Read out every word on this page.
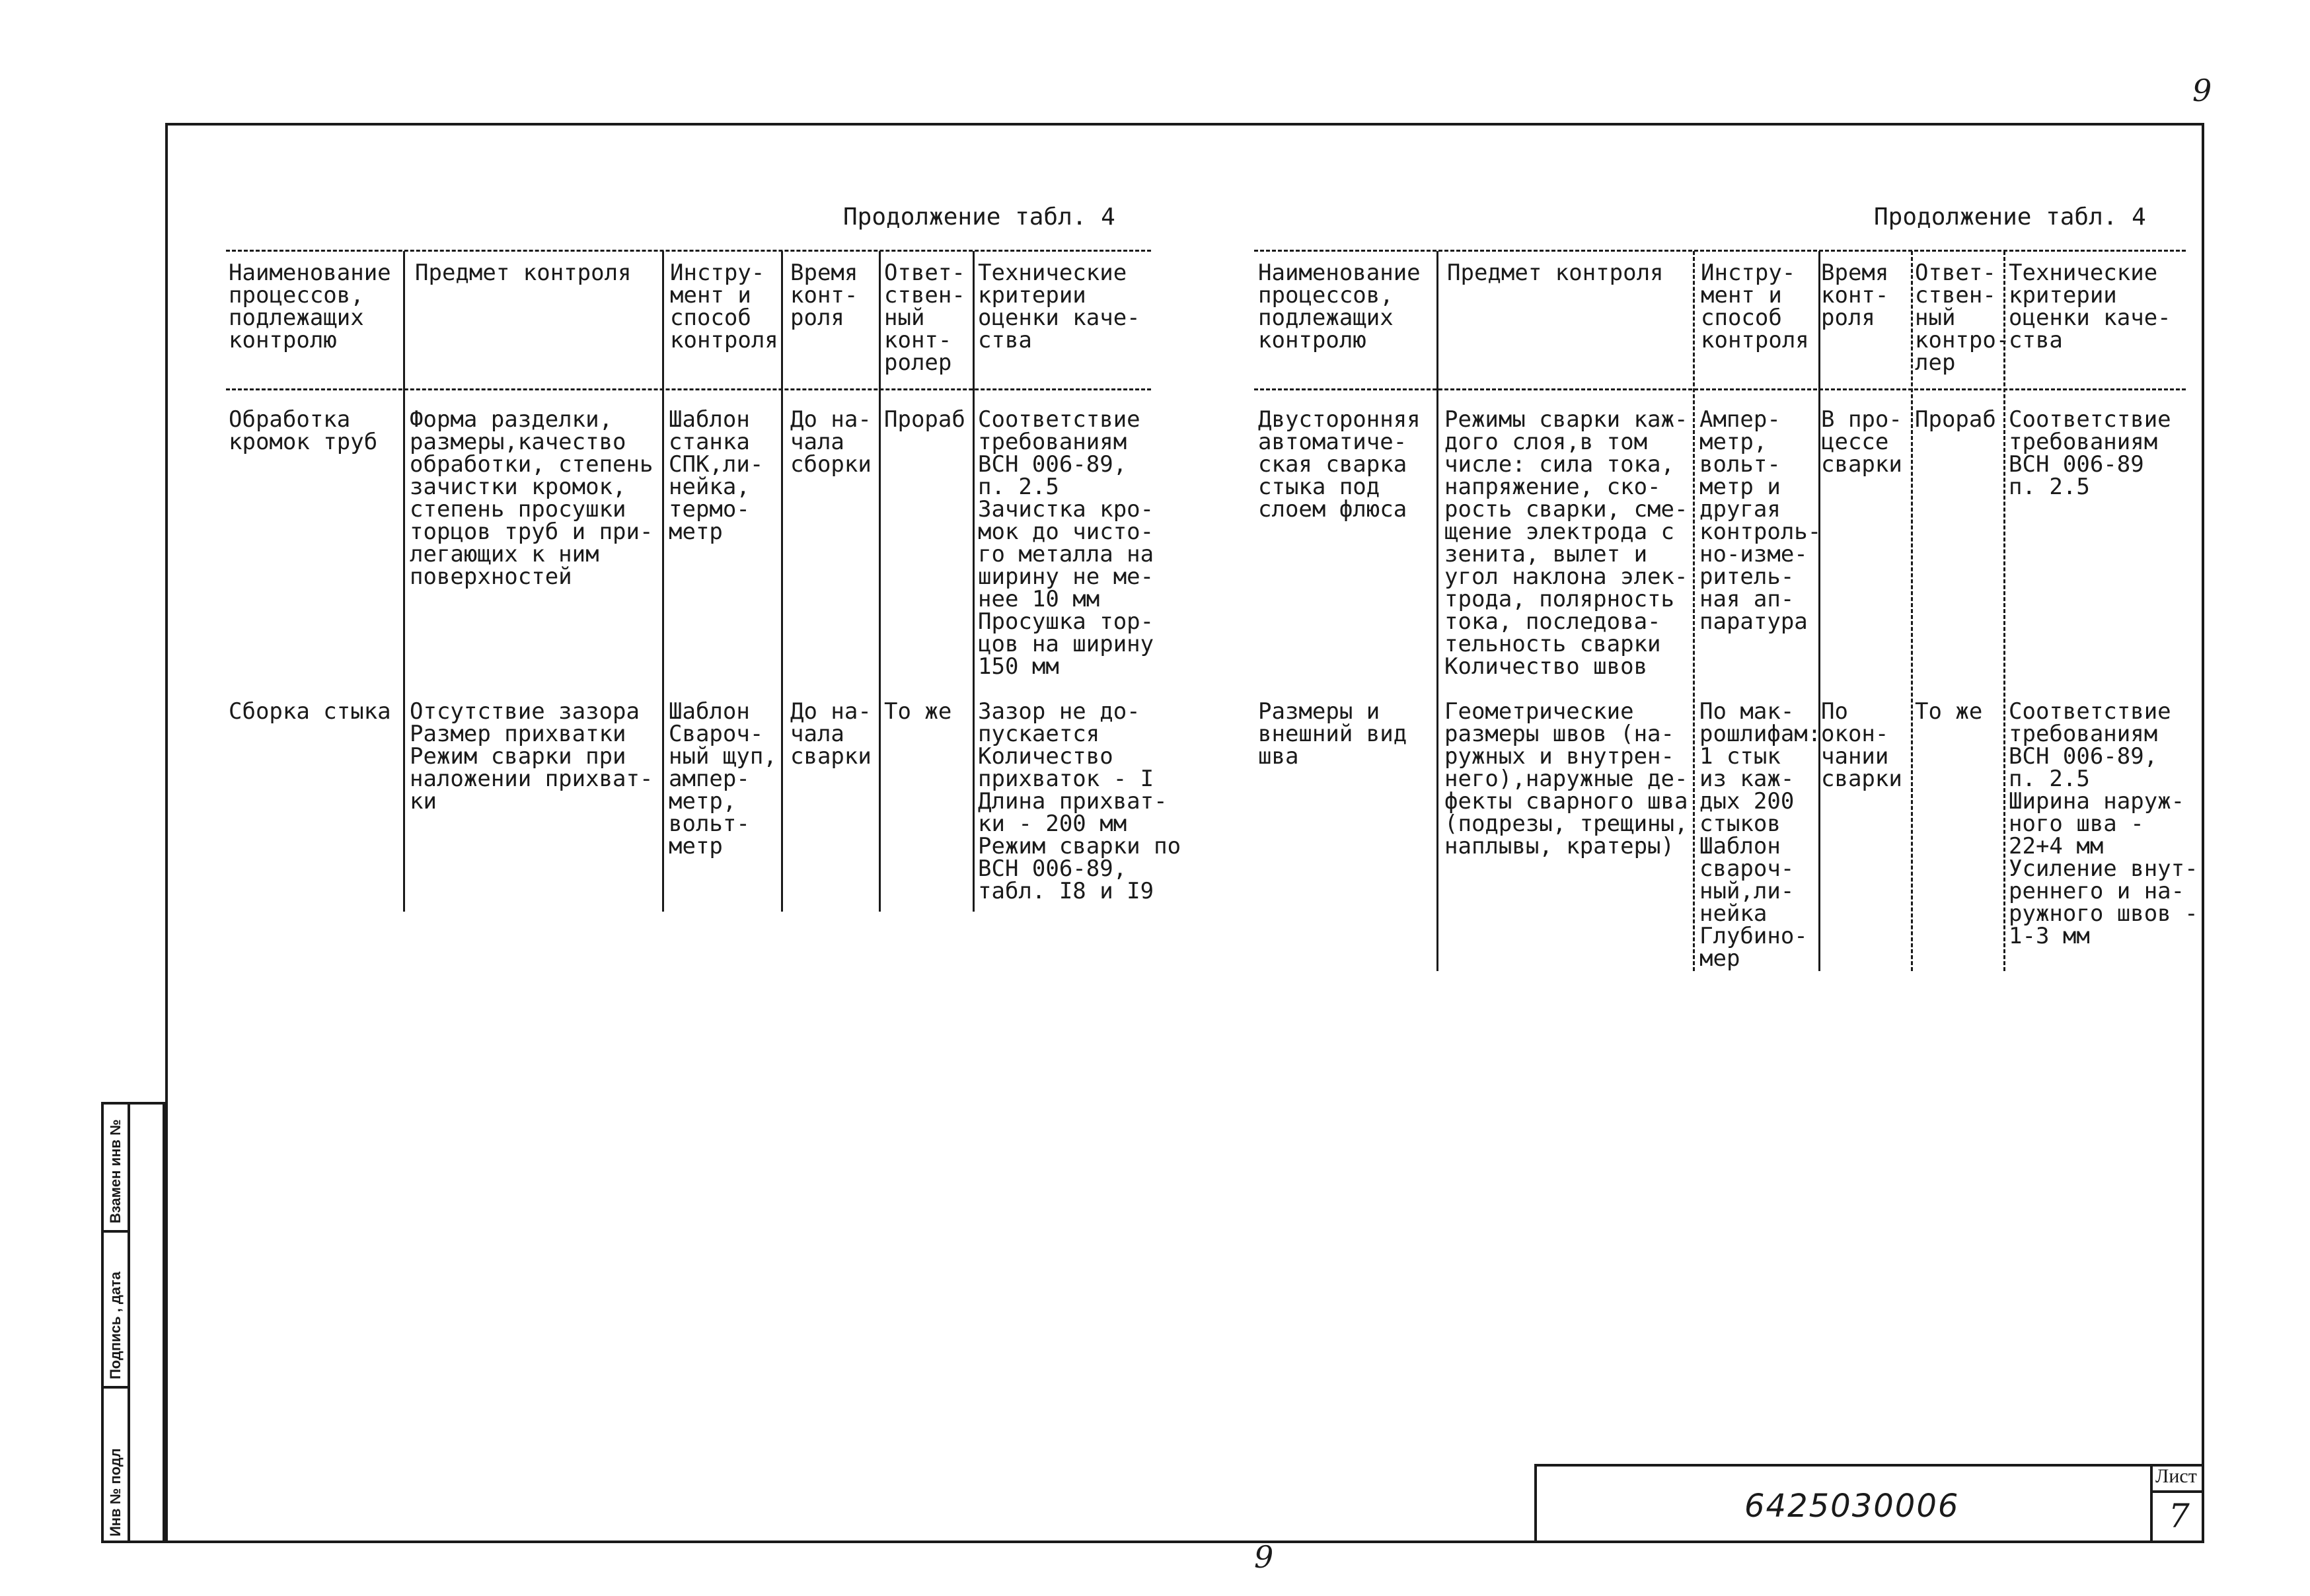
9
9
Продолжение табл. 4
Наименование
процессов,
подлежащих
контролю
Предмет контроля Инстру-
мент и
способ
контроля
Время
конт-
роля
Ответ-
ствен-
ный
конт-
ролер
Технические
критерии
оценки каче-
ства
Обработка
кромок труб
Форма разделки,
размеры,качество
обработки, степень
зачистки кромок,
степень просушки
торцов труб и при-
легающих к ним
поверхностей
Шаблон
станка
СПК,ли-
нейка,
термо-
метр
До на-
чала
сборки
Прораб Соответствие
требованиям
ВСН 006-89,
п. 2.5
Зачистка кро-
мок до чисто-
го металла на
ширину не ме-
нее 10 мм
Просушка тор-
цов на ширину
150 мм
Сборка стыка Отсутствие зазора
Размер прихватки
Режим сварки при
наложении прихват-
ки
Шаблон
Свароч-
ный щуп,
ампер-
метр,
вольт-
метр
До на-
чала
сварки
То же Зазор не до-
пускается
Количество
прихваток - I
Длина прихват-
ки - 200 мм
Режим сварки по
ВСН 006-89,
табл. I8 и I9
Продолжение табл. 4
Наименование
процессов,
подлежащих
контролю
Предмет контроля Инстру-
мент и
способ
контроля
Время
конт-
роля
Ответ-
ствен-
ный
контро-
лер
Технические
критерии
оценки каче-
ства
Двусторонняя
автоматиче-
ская сварка
стыка под
слоем флюса
Режимы сварки каж-
дого слоя,в том
числе: сила тока,
напряжение, ско-
рость сварки, сме-
щение электрода с
зенита, вылет и
угол наклона элек-
трода, полярность
тока, последова-
тельность сварки
Количество швов
Ампер-
метр,
вольт-
метр и
другая
контроль-
но-изме-
ритель-
ная ап-
паратура
В про-
цессе
сварки
Прораб Соответствие
требованиям
ВСН 006-89
п. 2.5
Размеры и
внешний вид
шва
Геометрические
размеры швов (на-
ружных и внутрен-
него),наружные де-
фекты сварного шва
(подрезы, трещины,
наплывы, кратеры)
По мак-
рошлифам:
1 стык
из каж-
дых 200
стыков
Шаблон
свароч-
ный,ли-
нейка
Глубино-
мер
По
окон-
чании
сварки
То же Соответствие
требованиям
ВСН 006-89,
п. 2.5
Ширина наруж-
ного шва -
22+4 мм
Усиление внут-
реннего и на-
ружного швов -
1-3 мм
Взамен инв №
Подпись , дата
Инв № подл	6425030006
Лист
7
